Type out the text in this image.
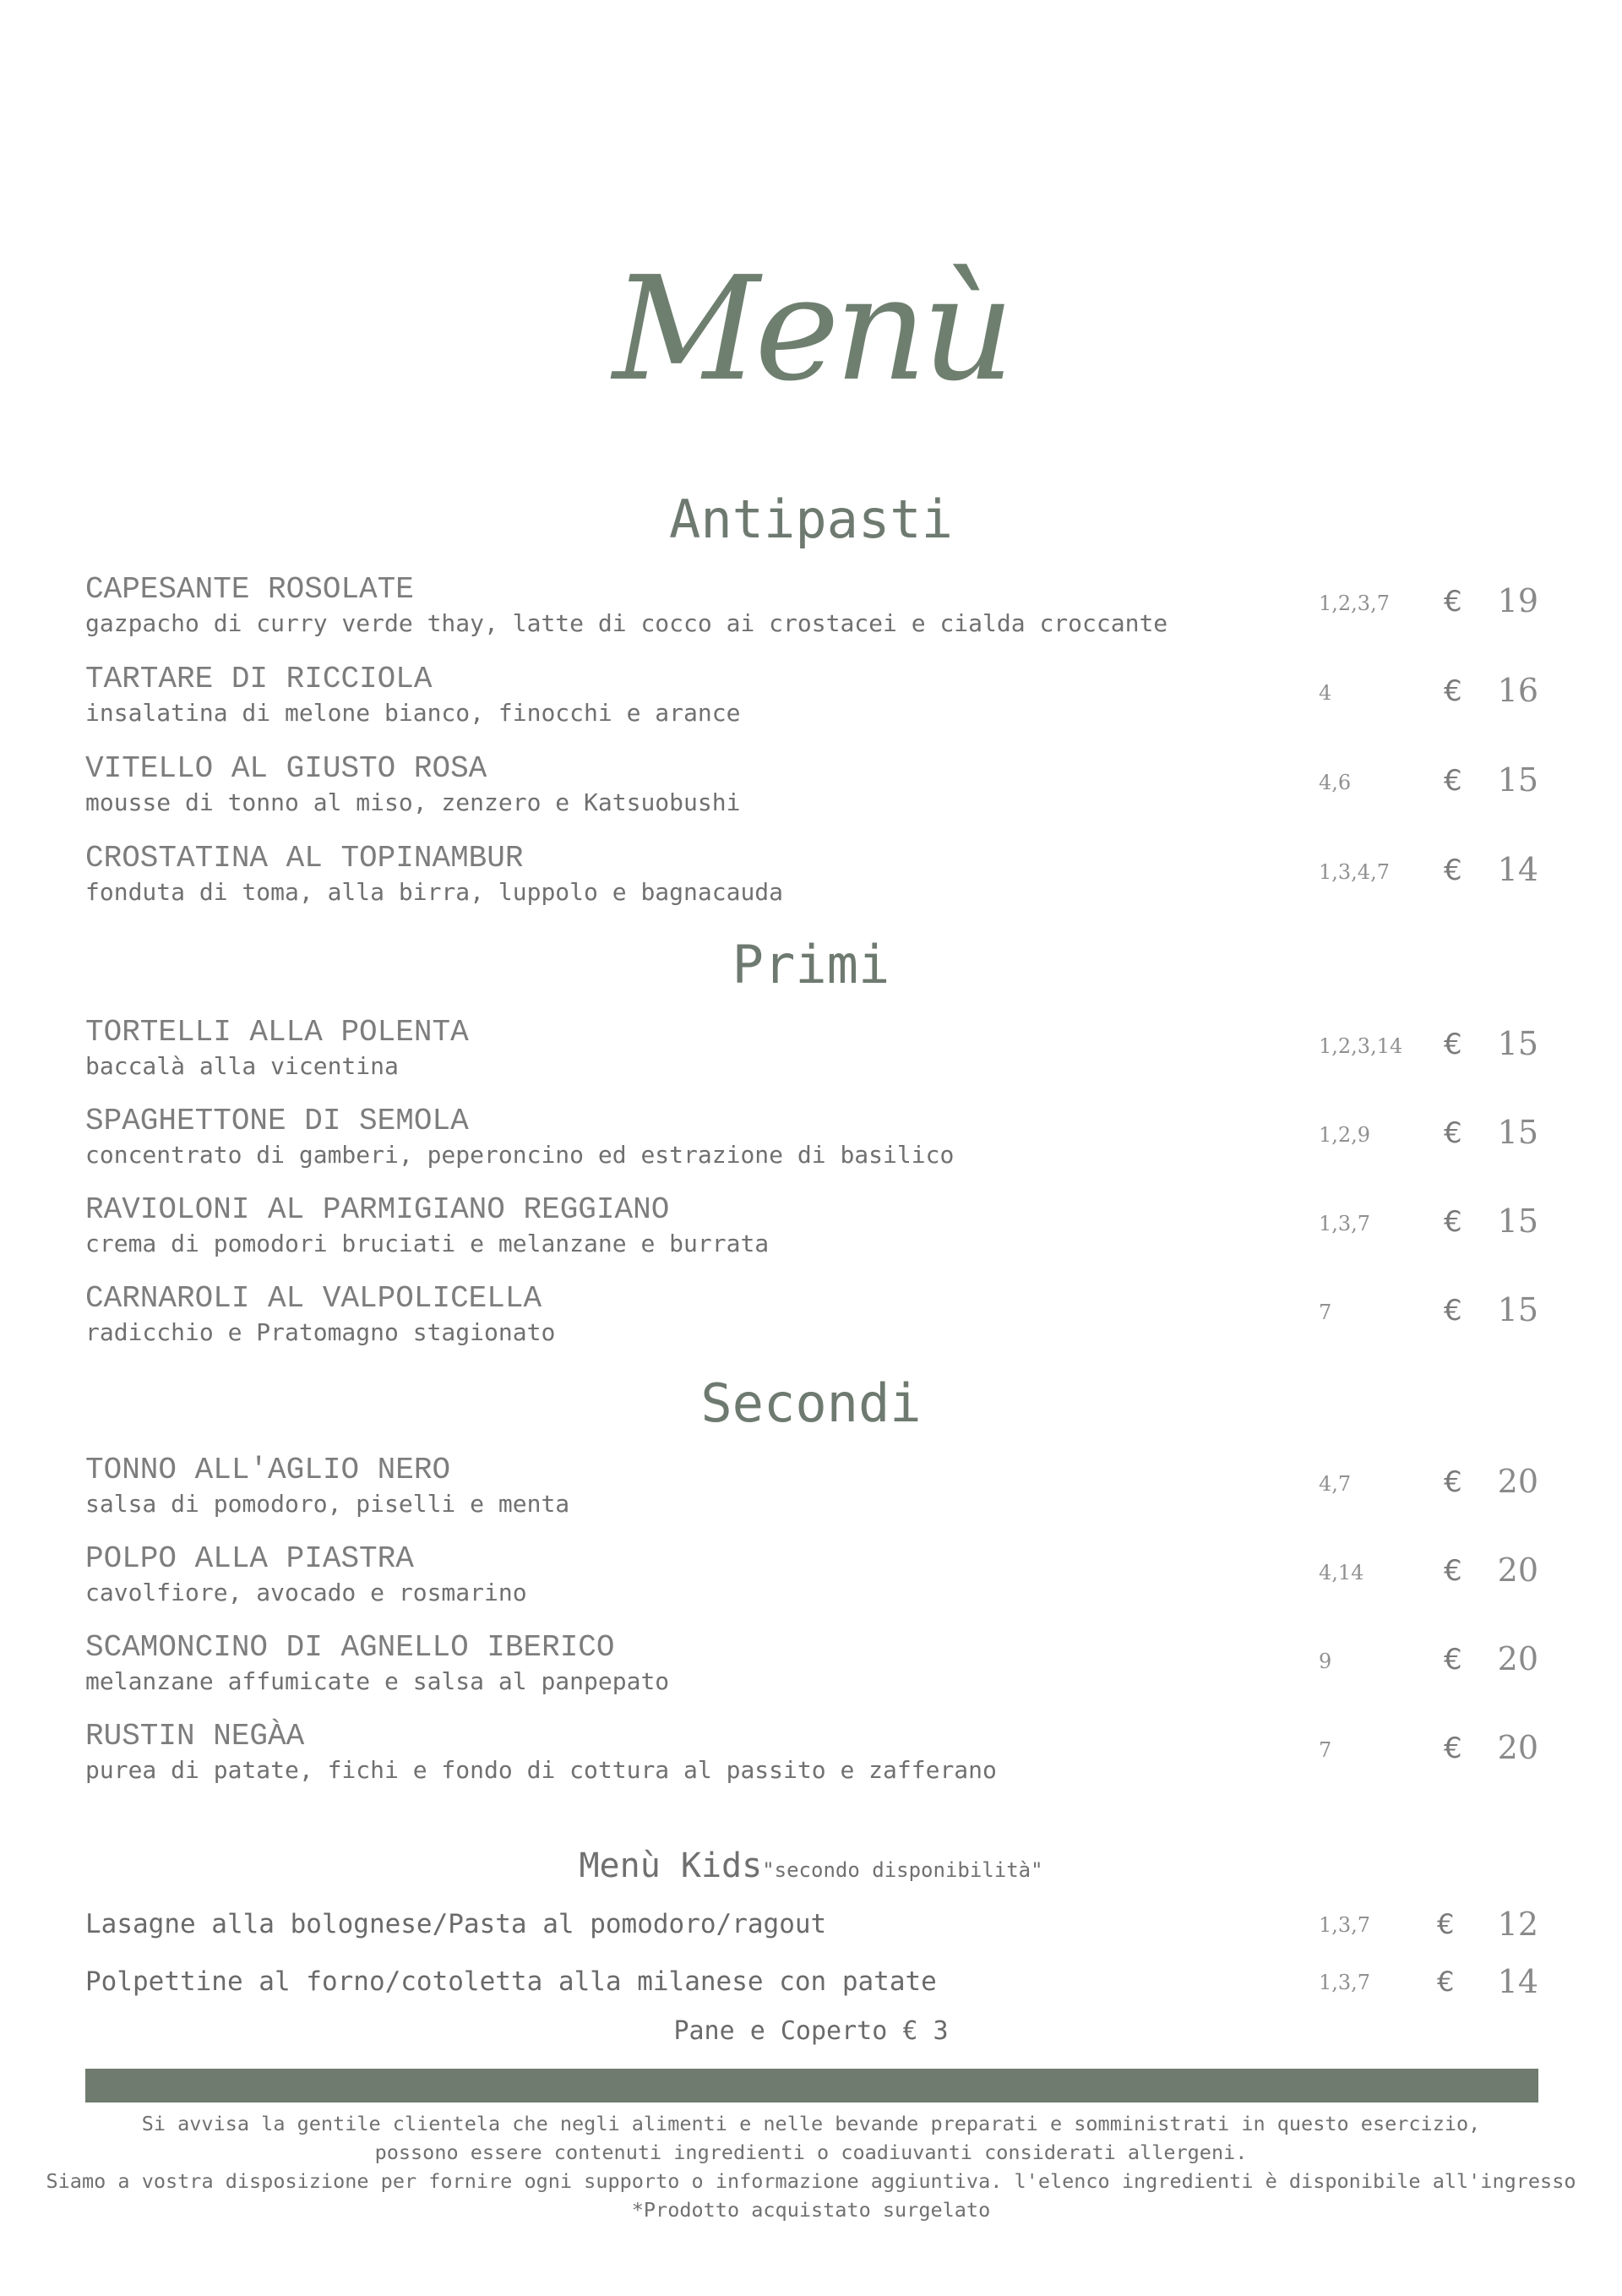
Menù
Antipasti
CAPESANTE ROSOLATE
gazpacho di curry verde thay, latte di cocco ai crostacei e cialda croccante
1,2,3,7 € 19
TARTARE DI RICCIOLA
insalatina di melone bianco, finocchi e arance
4	€ 16
VITELLO AL GIUSTO ROSA
mousse di tonno al miso, zenzero e Katsuobushi
4,6	€ 15
CROSTATINA AL TOPINAMBUR
fonduta di toma, alla birra, luppolo e bagnacauda
1,3,4,7 € 14
Primi
TORTELLI ALLA POLENTA
baccalà alla vicentina
1,2,3,14 € 15
SPAGHETTONE DI SEMOLA
concentrato di gamberi, peperoncino ed estrazione di basilico
1,2,9	€ 15
RAVIOLONI AL PARMIGIANO REGGIANO
crema di pomodori bruciati e melanzane e burrata
1,3,7	€ 15
CARNAROLI AL VALPOLICELLA
radicchio e Pratomagno stagionato
7	€ 15
Secondi
TONNO ALL'AGLIO NERO
salsa di pomodoro, piselli e menta
4,7	€ 20
POLPO ALLA PIASTRA
cavolfiore, avocado e rosmarino
4,14	€ 20
SCAMONCINO DI AGNELLO IBERICO
melanzane affumicate e salsa al panpepato
9	€ 20
RUSTIN NEGÀA
purea di patate, fichi e fondo di cottura al passito e zafferano
7	€ 20
Menù Kids"secondo disponibilità"
Lasagne alla bolognese/Pasta al pomodoro/ragout	1,3,7 € 12
Polpettine al forno/cotoletta alla milanese con patate	1,3,7 € 14
Pane e Coperto € 3
Si avvisa la gentile clientela che negli alimenti e nelle bevande preparati e somministrati in questo esercizio,
possono essere contenuti ingredienti o coadiuvanti considerati allergeni.
Siamo a vostra disposizione per fornire ogni supporto o informazione aggiuntiva. l'elenco ingredienti è disponibile all'ingresso
*Prodotto acquistato surgelato
